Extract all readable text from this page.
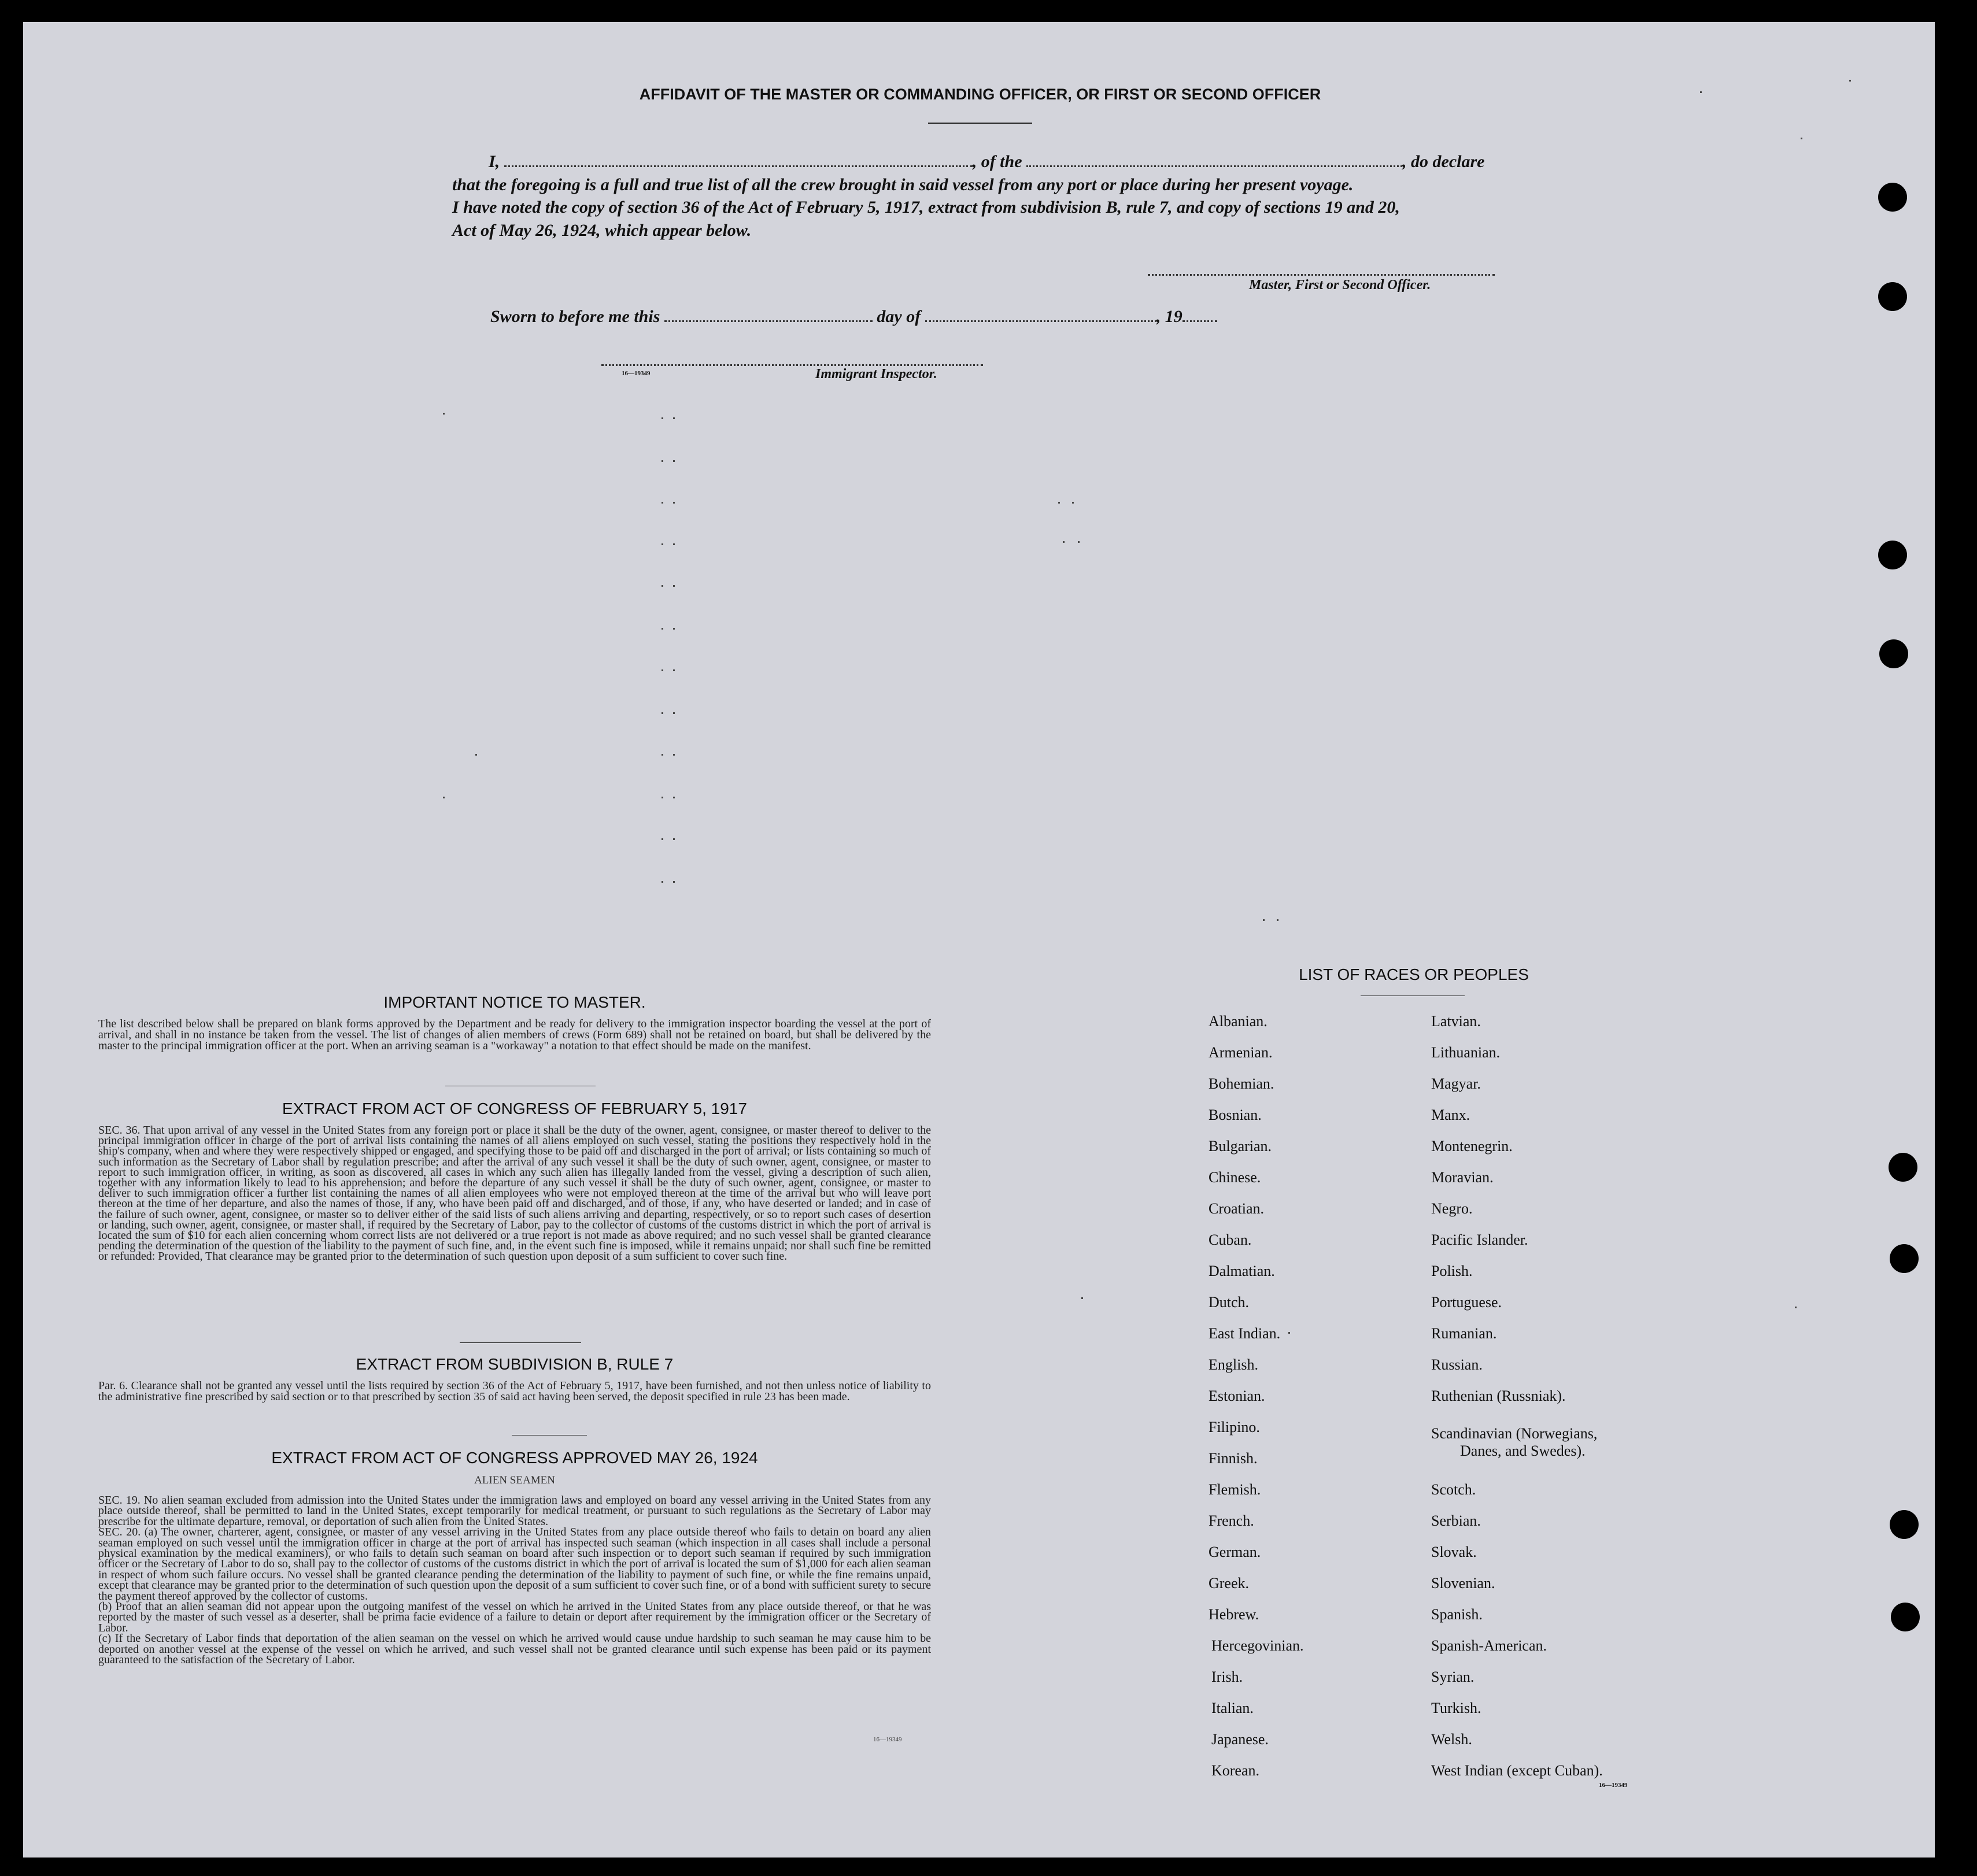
AFFIDAVIT OF THE MASTER OR COMMANDING OFFICER, OR FIRST OR SECOND OFFICER
I,	, of the	, do declare
that the foregoing is a full and true list of all the crew brought in said vessel from any port or place during her present voyage.
I have noted the copy of section 36 of the Act of February 5, 1917, extract from subdivision B, rule 7, and copy of sections 19 and 20,
Act of May 26, 1924, which appear below.
Master, First or Second Officer.
Sworn to before me this	day of	, 19
16—19349	Immigrant Inspector.
IMPORTANT NOTICE TO MASTER.
The list described below shall be prepared on blank forms approved by the Department and be ready for delivery to the immigration inspector boarding the vessel at the port of arrival, and shall in no instance be taken from the vessel. The list of changes of alien members of crews (Form 689) shall not be retained on board, but shall be delivered by the master to the principal immigration officer at the port. When an arriving seaman is a "workaway" a notation to that effect should be made on the manifest.
EXTRACT FROM ACT OF CONGRESS OF FEBRUARY 5, 1917
SEC. 36. That upon arrival of any vessel in the United States from any foreign port or place it shall be the duty of the owner, agent, consignee, or master thereof to deliver to the principal immigration officer in charge of the port of arrival lists containing the names of all aliens employed on such vessel, stating the positions they respectively hold in the ship's company, when and where they were respectively shipped or engaged, and specifying those to be paid off and discharged in the port of arrival; or lists containing so much of such information as the Secretary of Labor shall by regulation prescribe; and after the arrival of any such vessel it shall be the duty of such owner, agent, consignee, or master to report to such immigration officer, in writing, as soon as discovered, all cases in which any such alien has illegally landed from the vessel, giving a description of such alien, together with any information likely to lead to his apprehension; and before the departure of any such vessel it shall be the duty of such owner, agent, consignee, or master to deliver to such immigration officer a further list containing the names of all alien employees who were not employed thereon at the time of the arrival but who will leave port thereon at the time of her departure, and also the names of those, if any, who have been paid off and discharged, and of those, if any, who have deserted or landed; and in case of the failure of such owner, agent, consignee, or master so to deliver either of the said lists of such aliens arriving and departing, respectively, or so to report such cases of desertion or landing, such owner, agent, consignee, or master shall, if required by the Secretary of Labor, pay to the collector of customs of the customs district in which the port of arrival is located the sum of $10 for each alien concerning whom correct lists are not delivered or a true report is not made as above required; and no such vessel shall be granted clearance pending the determination of the question of the liability to the payment of such fine, and, in the event such fine is imposed, while it remains unpaid; nor shall such fine be remitted or refunded: Provided, That clearance may be granted prior to the determination of such question upon deposit of a sum sufficient to cover such fine.
EXTRACT FROM SUBDIVISION B, RULE 7
Par. 6. Clearance shall not be granted any vessel until the lists required by section 36 of the Act of February 5, 1917, have been furnished, and not then unless notice of liability to the administrative fine prescribed by said section or to that prescribed by section 35 of said act having been served, the deposit specified in rule 23 has been made.
EXTRACT FROM ACT OF CONGRESS APPROVED MAY 26, 1924
ALIEN SEAMEN

SEC. 19. No alien seaman excluded from admission into the United States under the immigration laws and employed on board any vessel arriving in the United States from any place outside thereof, shall be permitted to land in the United States, except temporarily for medical treatment, or pursuant to such regulations as the Secretary of Labor may prescribe for the ultimate departure, removal, or deportation of such alien from the United States.

SEC. 20. (a) The owner, charterer, agent, consignee, or master of any vessel arriving in the United States from any place outside thereof who fails to detain on board any alien seaman employed on such vessel until the immigration officer in charge at the port of arrival has inspected such seaman (which inspection in all cases shall include a personal physical examination by the medical examiners), or who fails to detain such seaman on board after such inspection or to deport such seaman if required by such immigration officer or the Secretary of Labor to do so, shall pay to the collector of customs of the customs district in which the port of arrival is located the sum of $1,000 for each alien seaman in respect of whom such failure occurs. No vessel shall be granted clearance pending the determination of the liability to payment of such fine, or while the fine remains unpaid, except that clearance may be granted prior to the determination of such question upon the deposit of a sum sufficient to cover such fine, or of a bond with sufficient surety to secure the payment thereof approved by the collector of customs.

(b) Proof that an alien seaman did not appear upon the outgoing manifest of the vessel on which he arrived in the United States from any place outside thereof, or that he was reported by the master of such vessel as a deserter, shall be prima facie evidence of a failure to detain or deport after requirement by the immigration officer or the Secretary of Labor.

(c) If the Secretary of Labor finds that deportation of the alien seaman on the vessel on which he arrived would cause undue hardship to such seaman he may cause him to be deported on another vessel at the expense of the vessel on which he arrived, and such vessel shall not be granted clearance until such expense has been paid or its payment guaranteed to the satisfaction of the Secretary of Labor.

16—19349
LIST OF RACES OR PEOPLES
Albanian.
Armenian.
Bohemian.
Bosnian.
Bulgarian.
Chinese.
Croatian.
Cuban.
Dalmatian.
Dutch.
East Indian.
English.
Estonian.
Filipino.
Finnish.
Flemish.
French.
German.
Greek.
Hebrew.
Hercegovinian.
Irish.
Italian.
Japanese.
Korean.
Latvian.
Lithuanian.
Magyar.
Manx.
Montenegrin.
Moravian.
Negro.
Pacific Islander.
Polish.
Portuguese.
Rumanian.
Russian.
Ruthenian (Russniak).
Scandinavian (Norwegians,
Danes, and Swedes).
Scotch.
Serbian.
Slovak.
Slovenian.
Spanish.
Spanish-American.
Syrian.
Turkish.
Welsh.
West Indian (except Cuban).
16—19349
